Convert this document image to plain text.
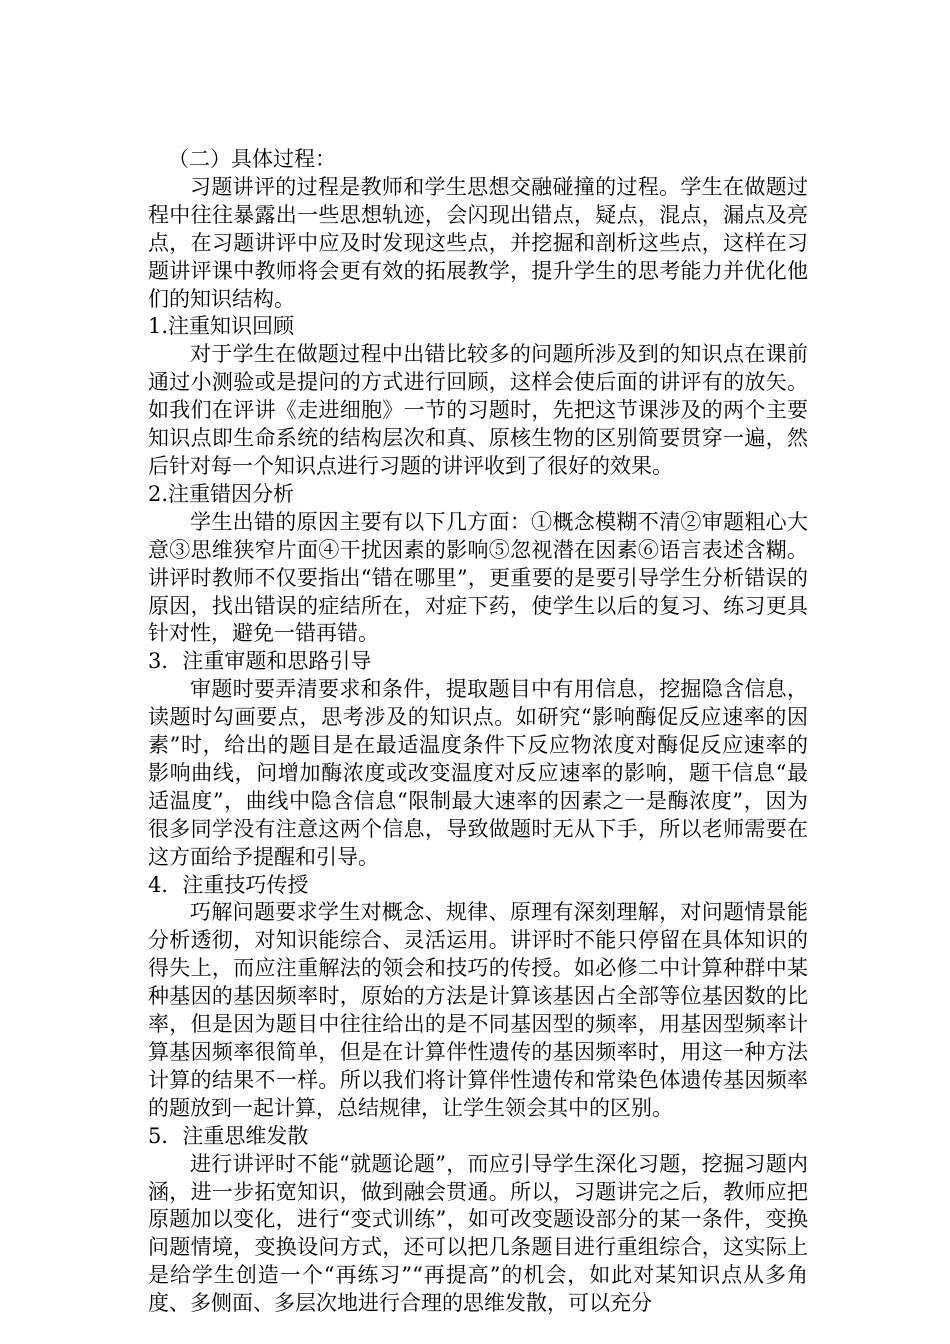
（二）具体过程：

习题讲评的过程是教师和学生思想交融碰撞的过程。学生在做题过程中往往暴露出一些思想轨迹，会闪现出错点，疑点，混点，漏点及亮点，在习题讲评中应及时发现这些点，并挖掘和剖析这些点，这样在习题讲评课中教师将会更有效的拓展教学，提升学生的思考能力并优化他们的知识结构。

1.注重知识回顾

对于学生在做题过程中出错比较多的问题所涉及到的知识点在课前通过小测验或是提问的方式进行回顾，这样会使后面的讲评有的放矢。如我们在评讲《走进细胞》一节的习题时，先把这节课涉及的两个主要知识点即生命系统的结构层次和真、原核生物的区别简要贯穿一遍，然后针对每一个知识点进行习题的讲评收到了很好的效果。

2.注重错因分析

学生出错的原因主要有以下几方面：①概念模糊不清②审题粗心大意③思维狭窄片面④干扰因素的影响⑤忽视潜在因素⑥语言表述含糊。讲评时教师不仅要指出“错在哪里”，更重要的是要引导学生分析错误的原因，找出错误的症结所在，对症下药，使学生以后的复习、练习更具针对性，避免一错再错。

3．注重审题和思路引导

审题时要弄清要求和条件，提取题目中有用信息，挖掘隐含信息，读题时勾画要点，思考涉及的知识点。如研究“影响酶促反应速率的因素”时，给出的题目是在最适温度条件下反应物浓度对酶促反应速率的影响曲线，问增加酶浓度或改变温度对反应速率的影响，题干信息“最适温度”，曲线中隐含信息“限制最大速率的因素之一是酶浓度”，因为很多同学没有注意这两个信息，导致做题时无从下手，所以老师需要在这方面给予提醒和引导。

4．注重技巧传授

巧解问题要求学生对概念、规律、原理有深刻理解，对问题情景能分析透彻，对知识能综合、灵活运用。讲评时不能只停留在具体知识的得失上，而应注重解法的领会和技巧的传授。如必修二中计算种群中某种基因的基因频率时，原始的方法是计算该基因占全部等位基因数的比率，但是因为题目中往往给出的是不同基因型的频率，用基因型频率计算基因频率很简单，但是在计算伴性遗传的基因频率时，用这一种方法计算的结果不一样。所以我们将计算伴性遗传和常染色体遗传基因频率的题放到一起计算，总结规律，让学生领会其中的区别。

5．注重思维发散

进行讲评时不能“就题论题”，而应引导学生深化习题，挖掘习题内涵，进一步拓宽知识，做到融会贯通。所以，习题讲完之后，教师应把原题加以变化，进行“变式训练”，如可改变题设部分的某一条件，变换问题情境，变换设问方式，还可以把几条题目进行重组综合，这实际上是给学生创造一个“再练习”“再提高”的机会，如此对某知识点从多角度、多侧面、多层次地进行合理的思维发散，可以充分
